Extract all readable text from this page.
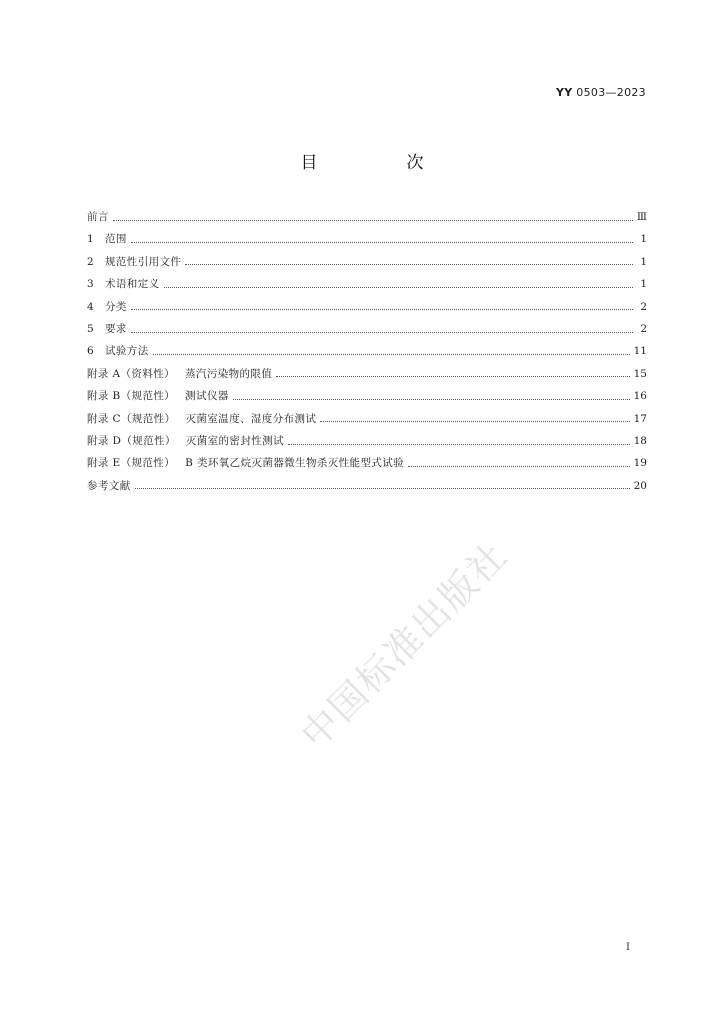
YY 0503—2023
目　次
前言	Ⅲ
1	范围	1
2	规范性引用文件	1
3	术语和定义	1
4	分类	2
5	要求	2
6	试验方法	11
附录 A（资料性） 蒸汽污染物的限值	15
附录 B（规范性） 测试仪器	16
附录 C（规范性） 灭菌室温度、湿度分布测试	17
附录 D（规范性） 灭菌室的密封性测试	18
附录 E（规范性） B 类环氧乙烷灭菌器微生物杀灭性能型式试验	19
参考文献	20
中国标准出版社
I
